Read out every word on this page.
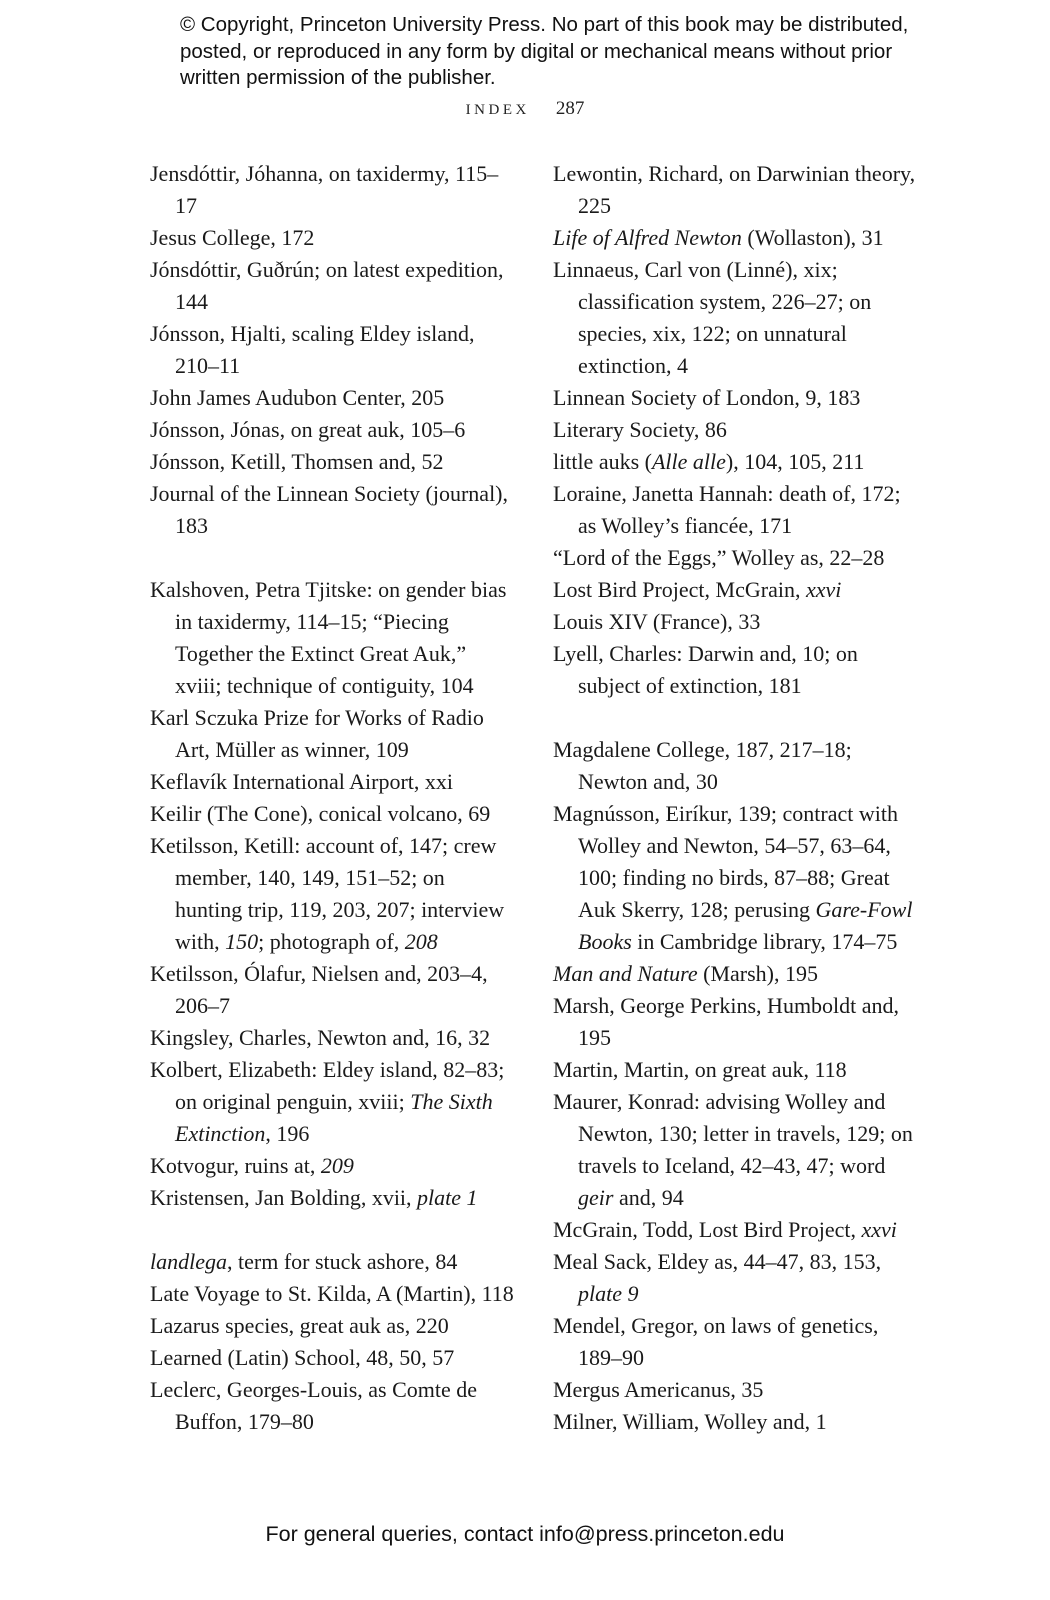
© Copyright, Princeton University Press. No part of this book may be distributed, posted, or reproduced in any form by digital or mechanical means without prior written permission of the publisher.
INDEX 287

Jensdóttir, Jóhanna, on taxidermy, 115–17

Jesus College, 172

Jónsdóttir, Guðrún; on latest expedition, 144

Jónsson, Hjalti, scaling Eldey island, 210–11

John James Audubon Center, 205

Jónsson, Jónas, on great auk, 105–6

Jónsson, Ketill, Thomsen and, 52

Journal of the Linnean Society (journal), 183

Kalshoven, Petra Tjitske: on gender bias in taxidermy, 114–15; “Piecing Together the Extinct Great Auk,” xviii; technique of contiguity, 104

Karl Sczuka Prize for Works of Radio Art, Müller as winner, 109

Keflavík International Airport, xxi

Keilir (The Cone), conical volcano, 69

Ketilsson, Ketill: account of, 147; crew member, 140, 149, 151–52; on hunting trip, 119, 203, 207; interview with, 150; photograph of, 208

Ketilsson, Ólafur, Nielsen and, 203–4, 206–7

Kingsley, Charles, Newton and, 16, 32

Kolbert, Elizabeth: Eldey island, 82–83; on original penguin, xviii; The Sixth Extinction, 196

Kotvogur, ruins at, 209

Kristensen, Jan Bolding, xvii, plate 1

landlega, term for stuck ashore, 84

Late Voyage to St. Kilda, A (Martin), 118

Lazarus species, great auk as, 220

Learned (Latin) School, 48, 50, 57

Leclerc, Georges-Louis, as Comte de Buffon, 179–80

Lewontin, Richard, on Darwinian theory, 225

Life of Alfred Newton (Wollaston), 31

Linnaeus, Carl von (Linné), xix; classification system, 226–27; on species, xix, 122; on unnatural extinction, 4

Linnean Society of London, 9, 183

Literary Society, 86

little auks (Alle alle), 104, 105, 211

Loraine, Janetta Hannah: death of, 172; as Wolley’s fiancée, 171

“Lord of the Eggs,” Wolley as, 22–28

Lost Bird Project, McGrain, xxvi

Louis XIV (France), 33

Lyell, Charles: Darwin and, 10; on subject of extinction, 181

Magdalene College, 187, 217–18; Newton and, 30

Magnússon, Eiríkur, 139; contract with Wolley and Newton, 54–57, 63–64, 100; finding no birds, 87–88; Great Auk Skerry, 128; perusing Gare-Fowl Books in Cambridge library, 174–75

Man and Nature (Marsh), 195

Marsh, George Perkins, Humboldt and, 195

Martin, Martin, on great auk, 118

Maurer, Konrad: advising Wolley and Newton, 130; letter in travels, 129; on travels to Iceland, 42–43, 47; word geir and, 94

McGrain, Todd, Lost Bird Project, xxvi

Meal Sack, Eldey as, 44–47, 83, 153, plate 9

Mendel, Gregor, on laws of genetics, 189–90

Mergus Americanus, 35

Milner, William, Wolley and, 1

For general queries, contact info@press.princeton.edu
